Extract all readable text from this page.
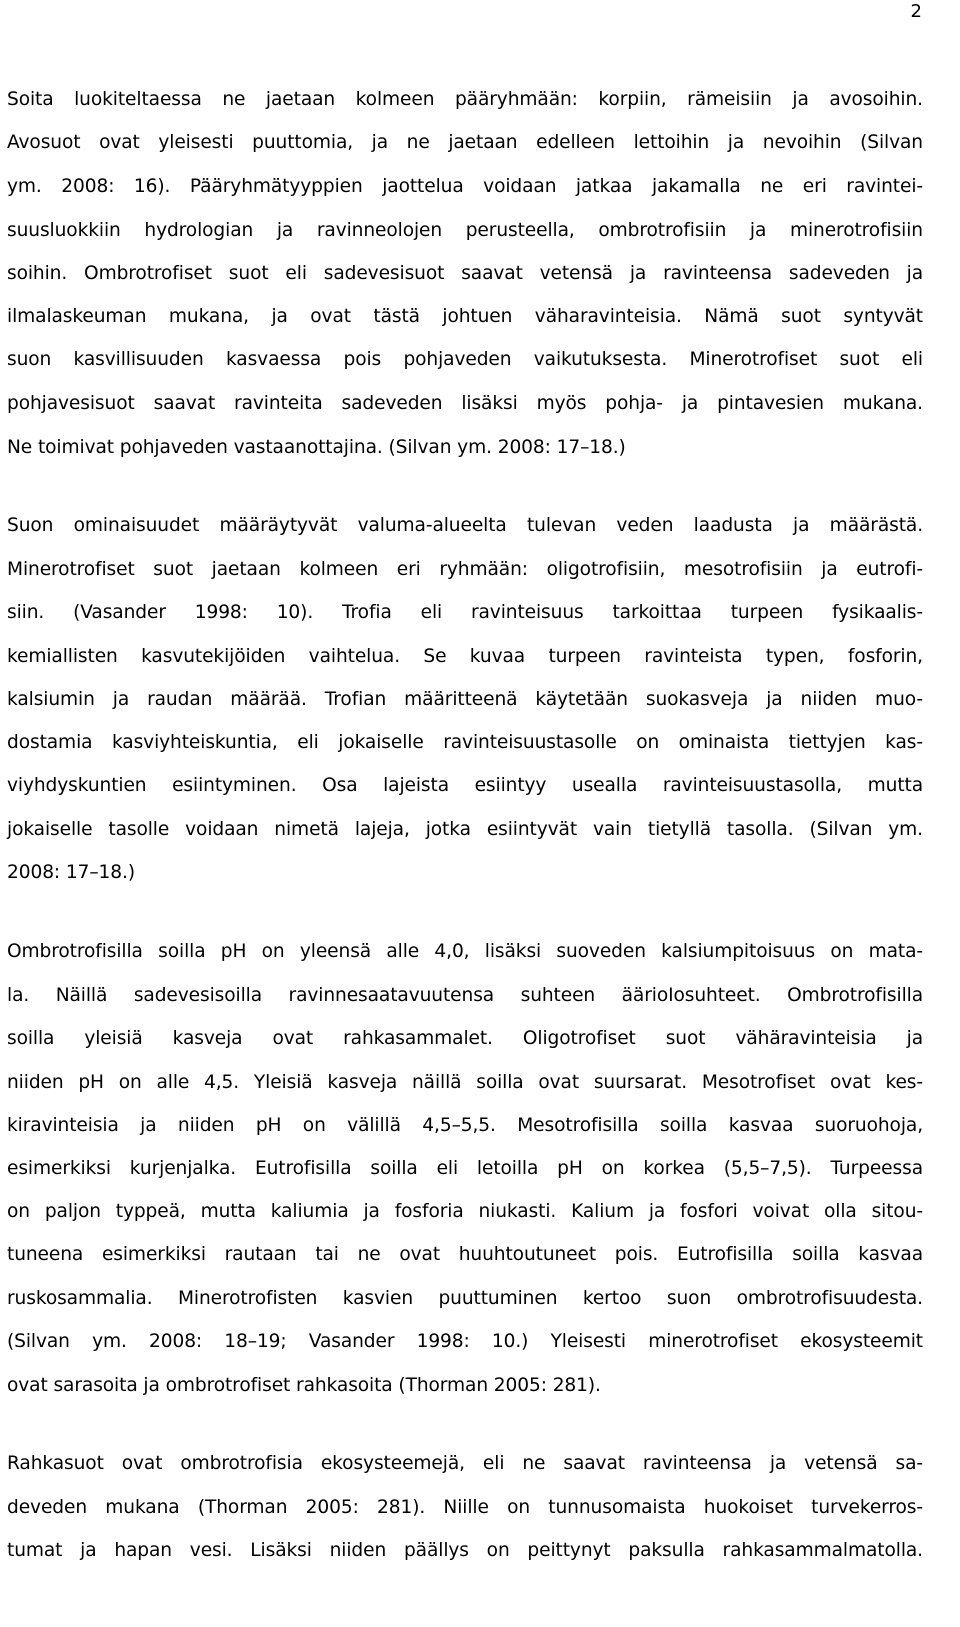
2
Soita luokiteltaessa ne jaetaan kolmeen pääryhmään: korpiin, rämeisiin ja avosoihin.
Avosuot ovat yleisesti puuttomia, ja ne jaetaan edelleen lettoihin ja nevoihin (Silvan
ym. 2008: 16). Pääryhmätyyppien jaottelua voidaan jatkaa jakamalla ne eri ravintei-
suusluokkiin hydrologian ja ravinneolojen perusteella, ombrotrofisiin ja minerotrofisiin
soihin. Ombrotrofiset suot eli sadevesisuot saavat vetensä ja ravinteensa sadeveden ja
ilmalaskeuman mukana, ja ovat tästä johtuen väharavinteisia. Nämä suot syntyvät
suon kasvillisuuden kasvaessa pois pohjaveden vaikutuksesta. Minerotrofiset suot eli
pohjavesisuot saavat ravinteita sadeveden lisäksi myös pohja- ja pintavesien mukana.
Ne toimivat pohjaveden vastaanottajina. (Silvan ym. 2008: 17–18.)
Suon ominaisuudet määräytyvät valuma-alueelta tulevan veden laadusta ja määrästä.
Minerotrofiset suot jaetaan kolmeen eri ryhmään: oligotrofisiin, mesotrofisiin ja eutrofi-
siin. (Vasander 1998: 10). Trofia eli ravinteisuus tarkoittaa turpeen fysikaalis-
kemiallisten kasvutekijöiden vaihtelua. Se kuvaa turpeen ravinteista typen, fosforin,
kalsiumin ja raudan määrää. Trofian määritteenä käytetään suokasveja ja niiden muo-
dostamia kasviyhteiskuntia, eli jokaiselle ravinteisuustasolle on ominaista tiettyjen kas-
viyhdyskuntien esiintyminen. Osa lajeista esiintyy usealla ravinteisuustasolla, mutta
jokaiselle tasolle voidaan nimetä lajeja, jotka esiintyvät vain tietyllä tasolla. (Silvan ym.
2008: 17–18.)
Ombrotrofisilla soilla pH on yleensä alle 4,0, lisäksi suoveden kalsiumpitoisuus on mata-
la. Näillä sadevesisoilla ravinnesaatavuutensa suhteen äärioIosuhteet. Ombrotrofisilla
soilla yleisiä kasveja ovat rahkasammalet. Oligotrofiset suot vähäravinteisia ja
niiden pH on alle 4,5. Yleisiä kasveja näillä soilla ovat suursarat. Mesotrofiset ovat kes-
kiravinteisia ja niiden pH on välillä 4,5–5,5. Mesotrofisilla soilla kasvaa suoruohoja,
esimerkiksi kurjenjalka. Eutrofisilla soilla eli letoilla pH on korkea (5,5–7,5). Turpeessa
on paljon typpeä, mutta kaliumia ja fosforia niukasti. Kalium ja fosfori voivat olla sitou-
tuneena esimerkiksi rautaan tai ne ovat huuhtoutuneet pois. Eutrofisilla soilla kasvaa
ruskosammalia. Minerotrofisten kasvien puuttuminen kertoo suon ombrotrofisuudesta.
(Silvan ym. 2008: 18–19; Vasander 1998: 10.) Yleisesti minerotrofiset ekosysteemit
ovat sarasoita ja ombrotrofiset rahkasoita (Thorman 2005: 281).
Rahkasuot ovat ombrotrofisia ekosysteemejä, eli ne saavat ravinteensa ja vetensä sa-
deveden mukana (Thorman 2005: 281). Niille on tunnusomaista huokoiset turvekerros-
tumat ja hapan vesi. Lisäksi niiden päällys on peittynyt paksulla rahkasammalmatolla.
